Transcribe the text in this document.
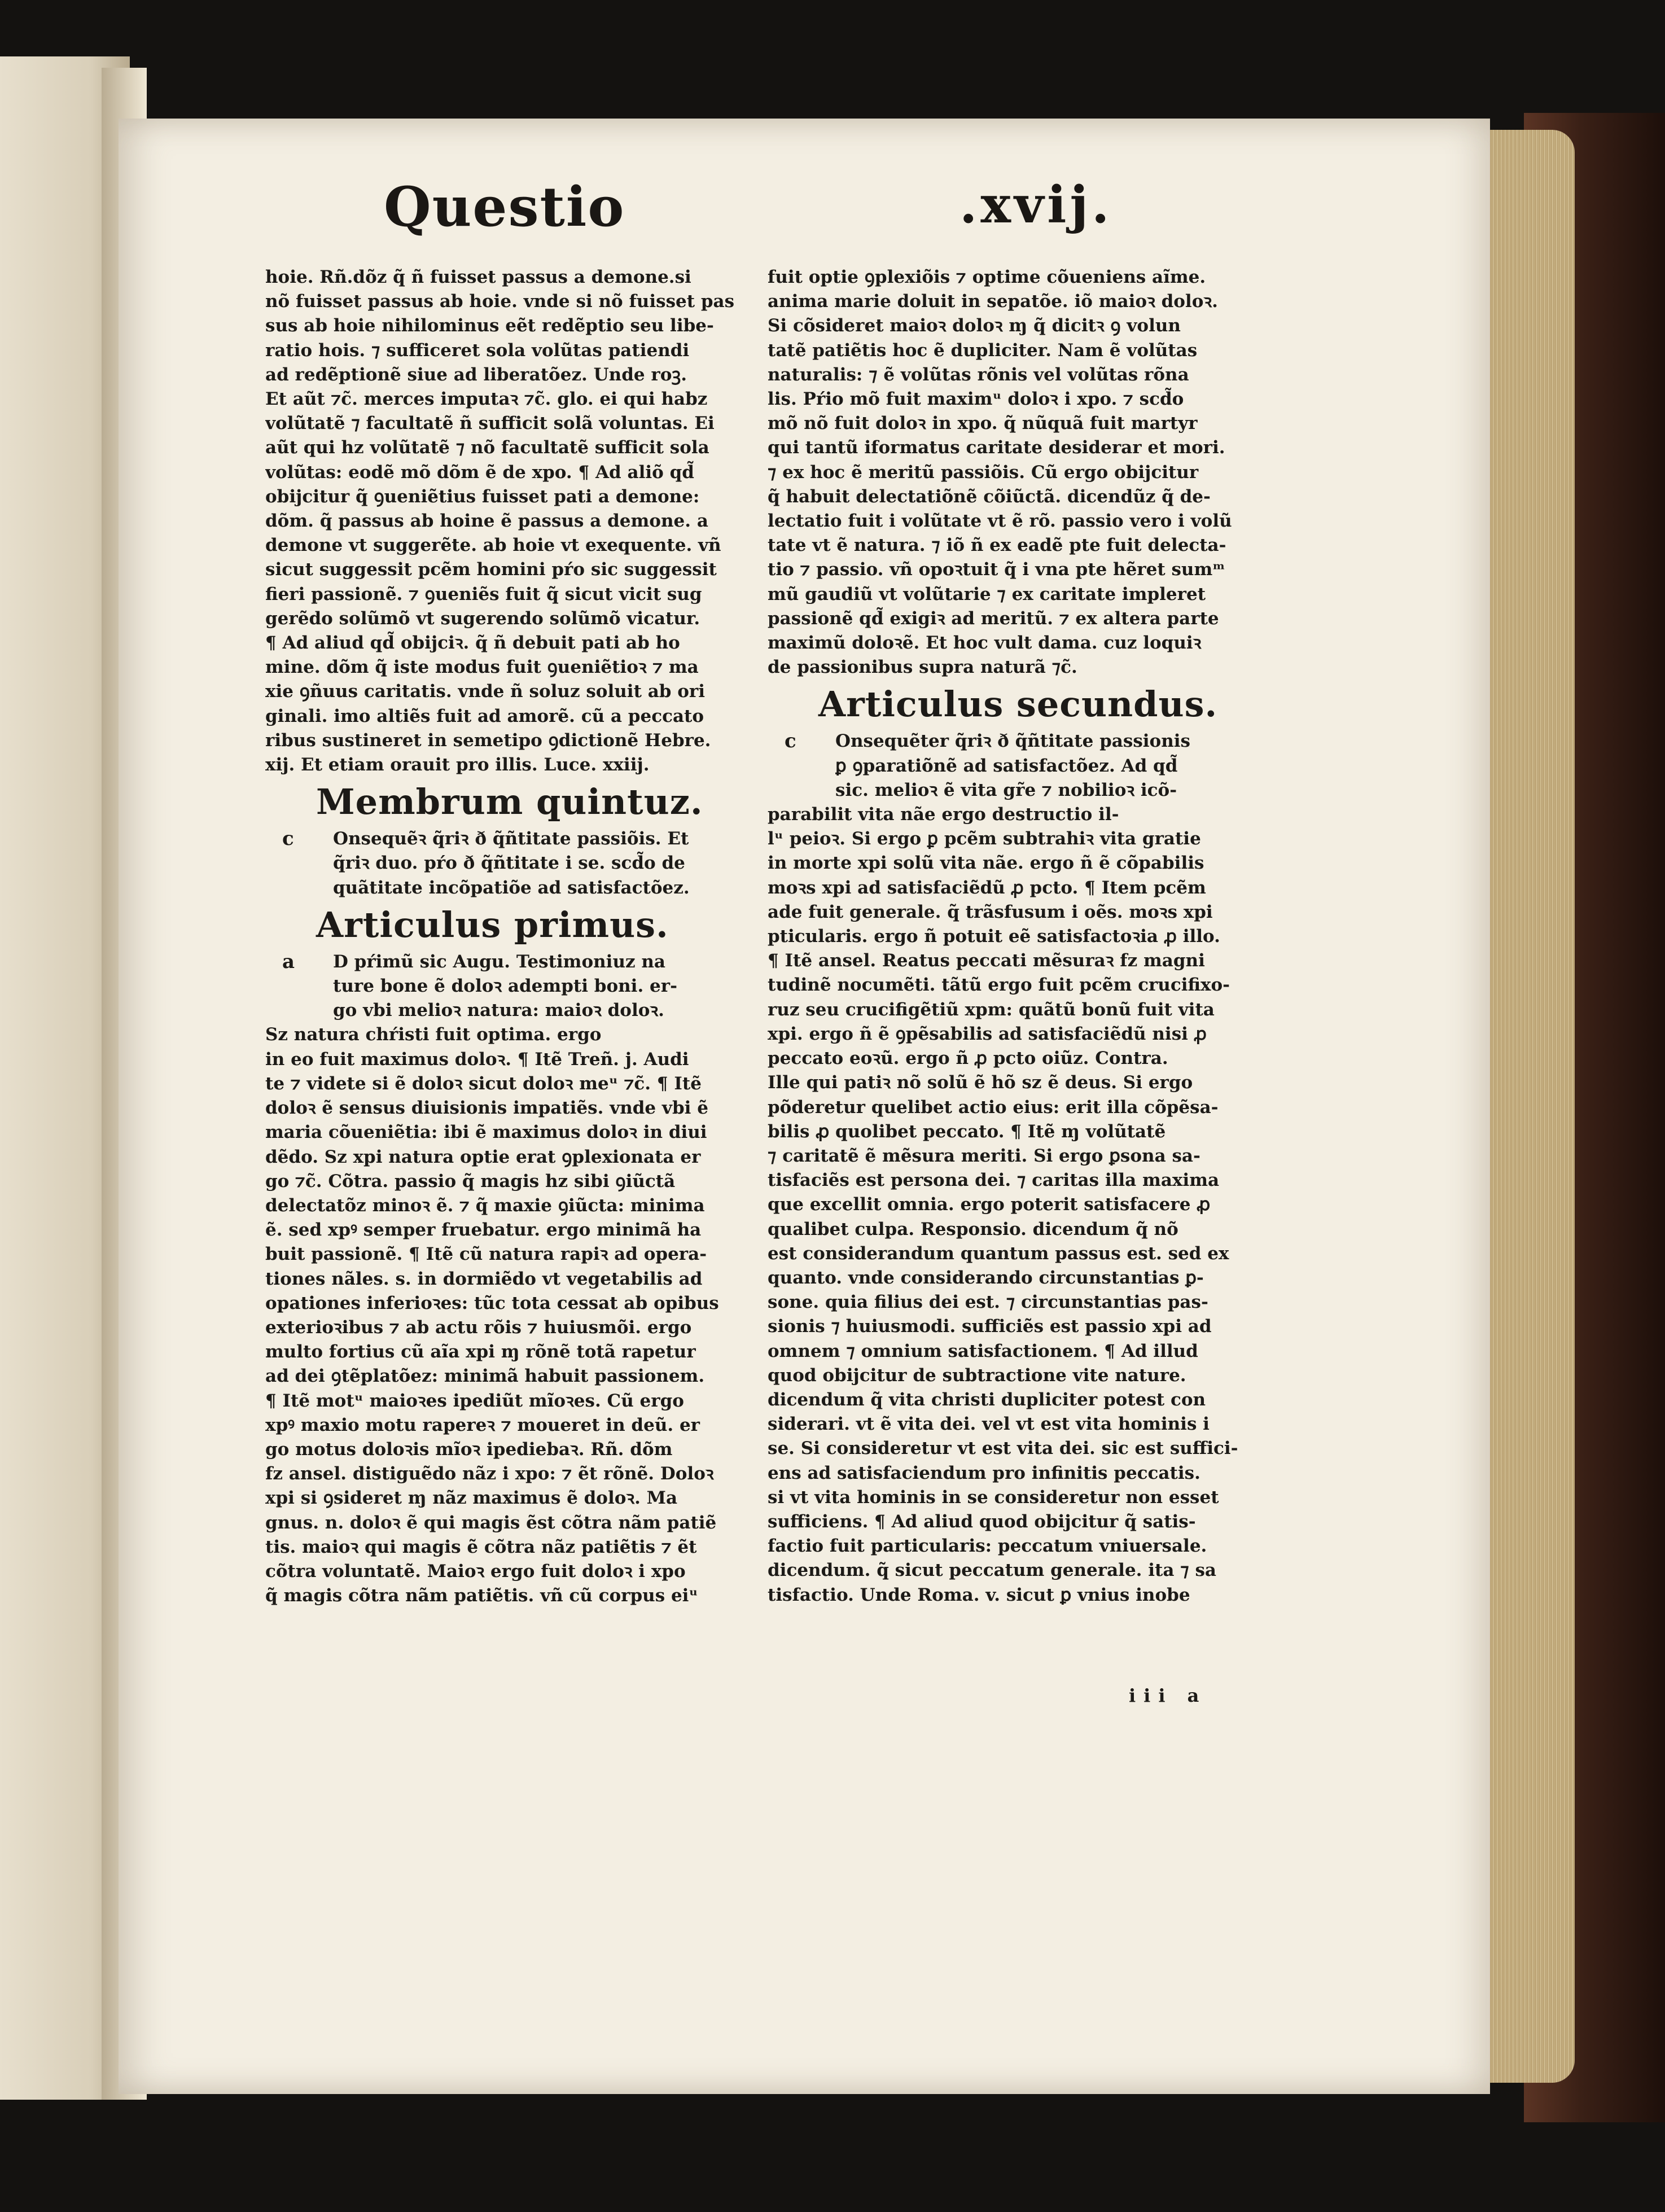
Questio	.xvij.
hoie. Rñ.dõz q̃ ñ fuisset passus a demone.si
nõ fuisset passus ab hoie. vnde si nõ fuisset pas
sus ab hoie nihilominus eẽt redẽptio seu libe-
ratio hois. ⁊ sufficeret sola volũtas patiendi
ad redẽptionẽ siue ad liberatõez. Unde roꝫ.
Et aũt ⁊c̃. merces imputaꝛ ⁊c̃. glo. ei qui habz
volũtatẽ ⁊ facultatẽ ñ sufficit solã voluntas. Ei
aũt qui hz volũtatẽ ⁊ nõ facultatẽ sufficit sola
volũtas: eodẽ mõ dõm ẽ de xpo. ¶ Ad aliõ qd̃
obijcitur q̃ ꝯueniẽtius fuisset pati a demone:
dõm. q̃ passus ab hoine ẽ passus a demone. a
demone vt suggerẽte. ab hoie vt exequente. vñ
sicut suggessit pcẽm homini pŕo sic suggessit
fieri passionẽ. ⁊ ꝯueniẽs fuit q̃ sicut vicit sug
gerẽdo solũmõ vt sugerendo solũmõ vicatur.
¶ Ad aliud qd̃ obijciꝛ. q̃ ñ debuit pati ab ho
mine. dõm q̃ iste modus fuit ꝯueniẽtioꝛ ⁊ ma
xie ꝯñuus caritatis. vnde ñ soluz soluit ab ori
ginali. imo altiẽs fuit ad amorẽ. cũ a peccato
ribus sustineret in semetipo ꝯdictionẽ Hebre.
xij. Et etiam orauit pro illis. Luce. xxiij.
Membrum quintuz.
c	Onsequẽꝛ q̃riꝛ ð q̃ñtitate passiõis. Et
q̃riꝛ duo. pŕo ð q̃ñtitate i se. scd̃o de
quãtitate incõpatiõe ad satisfactõez.
Articulus primus.
a	D pŕimũ sic Augu. Testimoniuz na
ture bone ẽ doloꝛ adempti boni. er-
go vbi melioꝛ natura: maioꝛ doloꝛ.
Sz natura chŕisti fuit optima. ergo
in eo fuit maximus doloꝛ. ¶ Itẽ Treñ. j. Audi
te ⁊ videte si ẽ doloꝛ sicut doloꝛ meᵘ ⁊c̃. ¶ Itẽ
doloꝛ ẽ sensus diuisionis impatiẽs. vnde vbi ẽ
maria cõueniẽtia: ibi ẽ maximus doloꝛ in diui
dẽdo. Sz xpi natura optie erat ꝯplexionata er
go ⁊c̃. Cõtra. passio q̃ magis hz sibi ꝯiũctã
delectatõz minoꝛ ẽ. ⁊ q̃ maxie ꝯiũcta: minima
ẽ. sed xpꝰ semper fruebatur. ergo minimã ha
buit passionẽ. ¶ Itẽ cũ natura rapiꝛ ad opera-
tiones nãles. s. in dormiẽdo vt vegetabilis ad
opationes inferioꝛes: tũc tota cessat ab opibus
exterioꝛibus ⁊ ab actu rõis ⁊ huiusmõi. ergo
multo fortius cũ aĩa xpi ɱ rõnẽ totã rapetur
ad dei ꝯtẽplatõez: minimã habuit passionem.
¶ Itẽ motᵘ maioꝛes ipediũt mĩoꝛes. Cũ ergo
xpꝰ maxio motu rapereꝛ ⁊ moueret in deũ. er
go motus doloꝛis mĩoꝛ ipediebaꝛ. Rñ. dõm
fz ansel. distiguẽdo nãz i xpo: ⁊ ẽt rõnẽ. Doloꝛ
xpi si ꝯsideret ɱ nãz maximus ẽ doloꝛ. Ma
gnus. n. doloꝛ ẽ qui magis ẽst cõtra nãm patiẽ
tis. maioꝛ qui magis ẽ cõtra nãz patiẽtis ⁊ ẽt
cõtra voluntatẽ. Maioꝛ ergo fuit doloꝛ i xpo
q̃ magis cõtra nãm patiẽtis. vñ cũ corpus eiᵘ
fuit optie ꝯplexiõis ⁊ optime cõueniens aĩme.
anima marie doluit in sepatõe. iõ maioꝛ doloꝛ.
Si cõsideret maioꝛ doloꝛ ɱ q̃ dicitꝛ ꝯ volun
tatẽ patiẽtis hoc ẽ dupliciter. Nam ẽ volũtas
naturalis: ⁊ ẽ volũtas rõnis vel volũtas rõna
lis. Pŕio mõ fuit maximᵘ doloꝛ i xpo. ⁊ scd̃o
mõ nõ fuit doloꝛ in xpo. q̃ nũquã fuit martyr
qui tantũ iformatus caritate desiderar et mori.
⁊ ex hoc ẽ meritũ passiõis. Cũ ergo obijcitur
q̃ habuit delectatiõnẽ cõiũctã. dicendũz q̃ de-
lectatio fuit i volũtate vt ẽ rõ. passio vero i volũ
tate vt ẽ natura. ⁊ iõ ñ ex eadẽ pte fuit delecta-
tio ⁊ passio. vñ opoꝛtuit q̃ i vna pte hẽret sumᵐ
mũ gaudiũ vt volũtarie ⁊ ex caritate impleret
passionẽ qd̃ exigiꝛ ad meritũ. ⁊ ex altera parte
maximũ doloꝛẽ. Et hoc vult dama. cuz loquiꝛ
de passionibus supra naturã ⁊c̃.
Articulus secundus.
c	Onsequẽter q̃riꝛ ð q̃ñtitate passionis
ꝑ ꝯparatiõnẽ ad satisfactõez. Ad qd̃
sic. melioꝛ ẽ vita gr̃e ⁊ nobilioꝛ icõ-
parabilit vita nãe ergo destructio il-
lᵘ peioꝛ. Si ergo ꝑ pcẽm subtrahiꝛ vita gratie
in morte xpi solũ vita nãe. ergo ñ ẽ cõpabilis
moꝛs xpi ad satisfaciẽdũ ꝓ pcto. ¶ Item pcẽm
ade fuit generale. q̃ trãsfusum i oẽs. moꝛs xpi
pticularis. ergo ñ potuit eẽ satisfactoꝛia ꝓ illo.
¶ Itẽ ansel. Reatus peccati mẽsuraꝛ fz magni
tudinẽ nocumẽti. tãtũ ergo fuit pcẽm crucifixo-
ruz seu crucifigẽtiũ xpm: quãtũ bonũ fuit vita
xpi. ergo ñ ẽ ꝯpẽsabilis ad satisfaciẽdũ nisi ꝓ
peccato eoꝛũ. ergo ñ ꝓ pcto oiũz. Contra.
Ille qui patiꝛ nõ solũ ẽ hõ sz ẽ deus. Si ergo
põderetur quelibet actio eius: erit illa cõpẽsa-
bilis ꝓ quolibet peccato. ¶ Itẽ ɱ volũtatẽ
⁊ caritatẽ ẽ mẽsura meriti. Si ergo ꝑsona sa-
tisfaciẽs est persona dei. ⁊ caritas illa maxima
que excellit omnia. ergo poterit satisfacere ꝓ
qualibet culpa. Responsio. dicendum q̃ nõ
est considerandum quantum passus est. sed ex
quanto. vnde considerando circunstantias ꝑ-
sone. quia filius dei est. ⁊ circunstantias pas-
sionis ⁊ huiusmodi. sufficiẽs est passio xpi ad
omnem ⁊ omnium satisfactionem. ¶ Ad illud
quod obijcitur de subtractione vite nature.
dicendum q̃ vita christi dupliciter potest con
siderari. vt ẽ vita dei. vel vt est vita hominis i
se. Si consideretur vt est vita dei. sic est suffici-
ens ad satisfaciendum pro infinitis peccatis.
si vt vita hominis in se consideretur non esset
sufficiens. ¶ Ad aliud quod obijcitur q̃ satis-
factio fuit particularis: peccatum vniuersale.
dicendum. q̃ sicut peccatum generale. ita ⁊ sa
tisfactio. Unde Roma. v. sicut ꝑ vnius inobe
iii a
